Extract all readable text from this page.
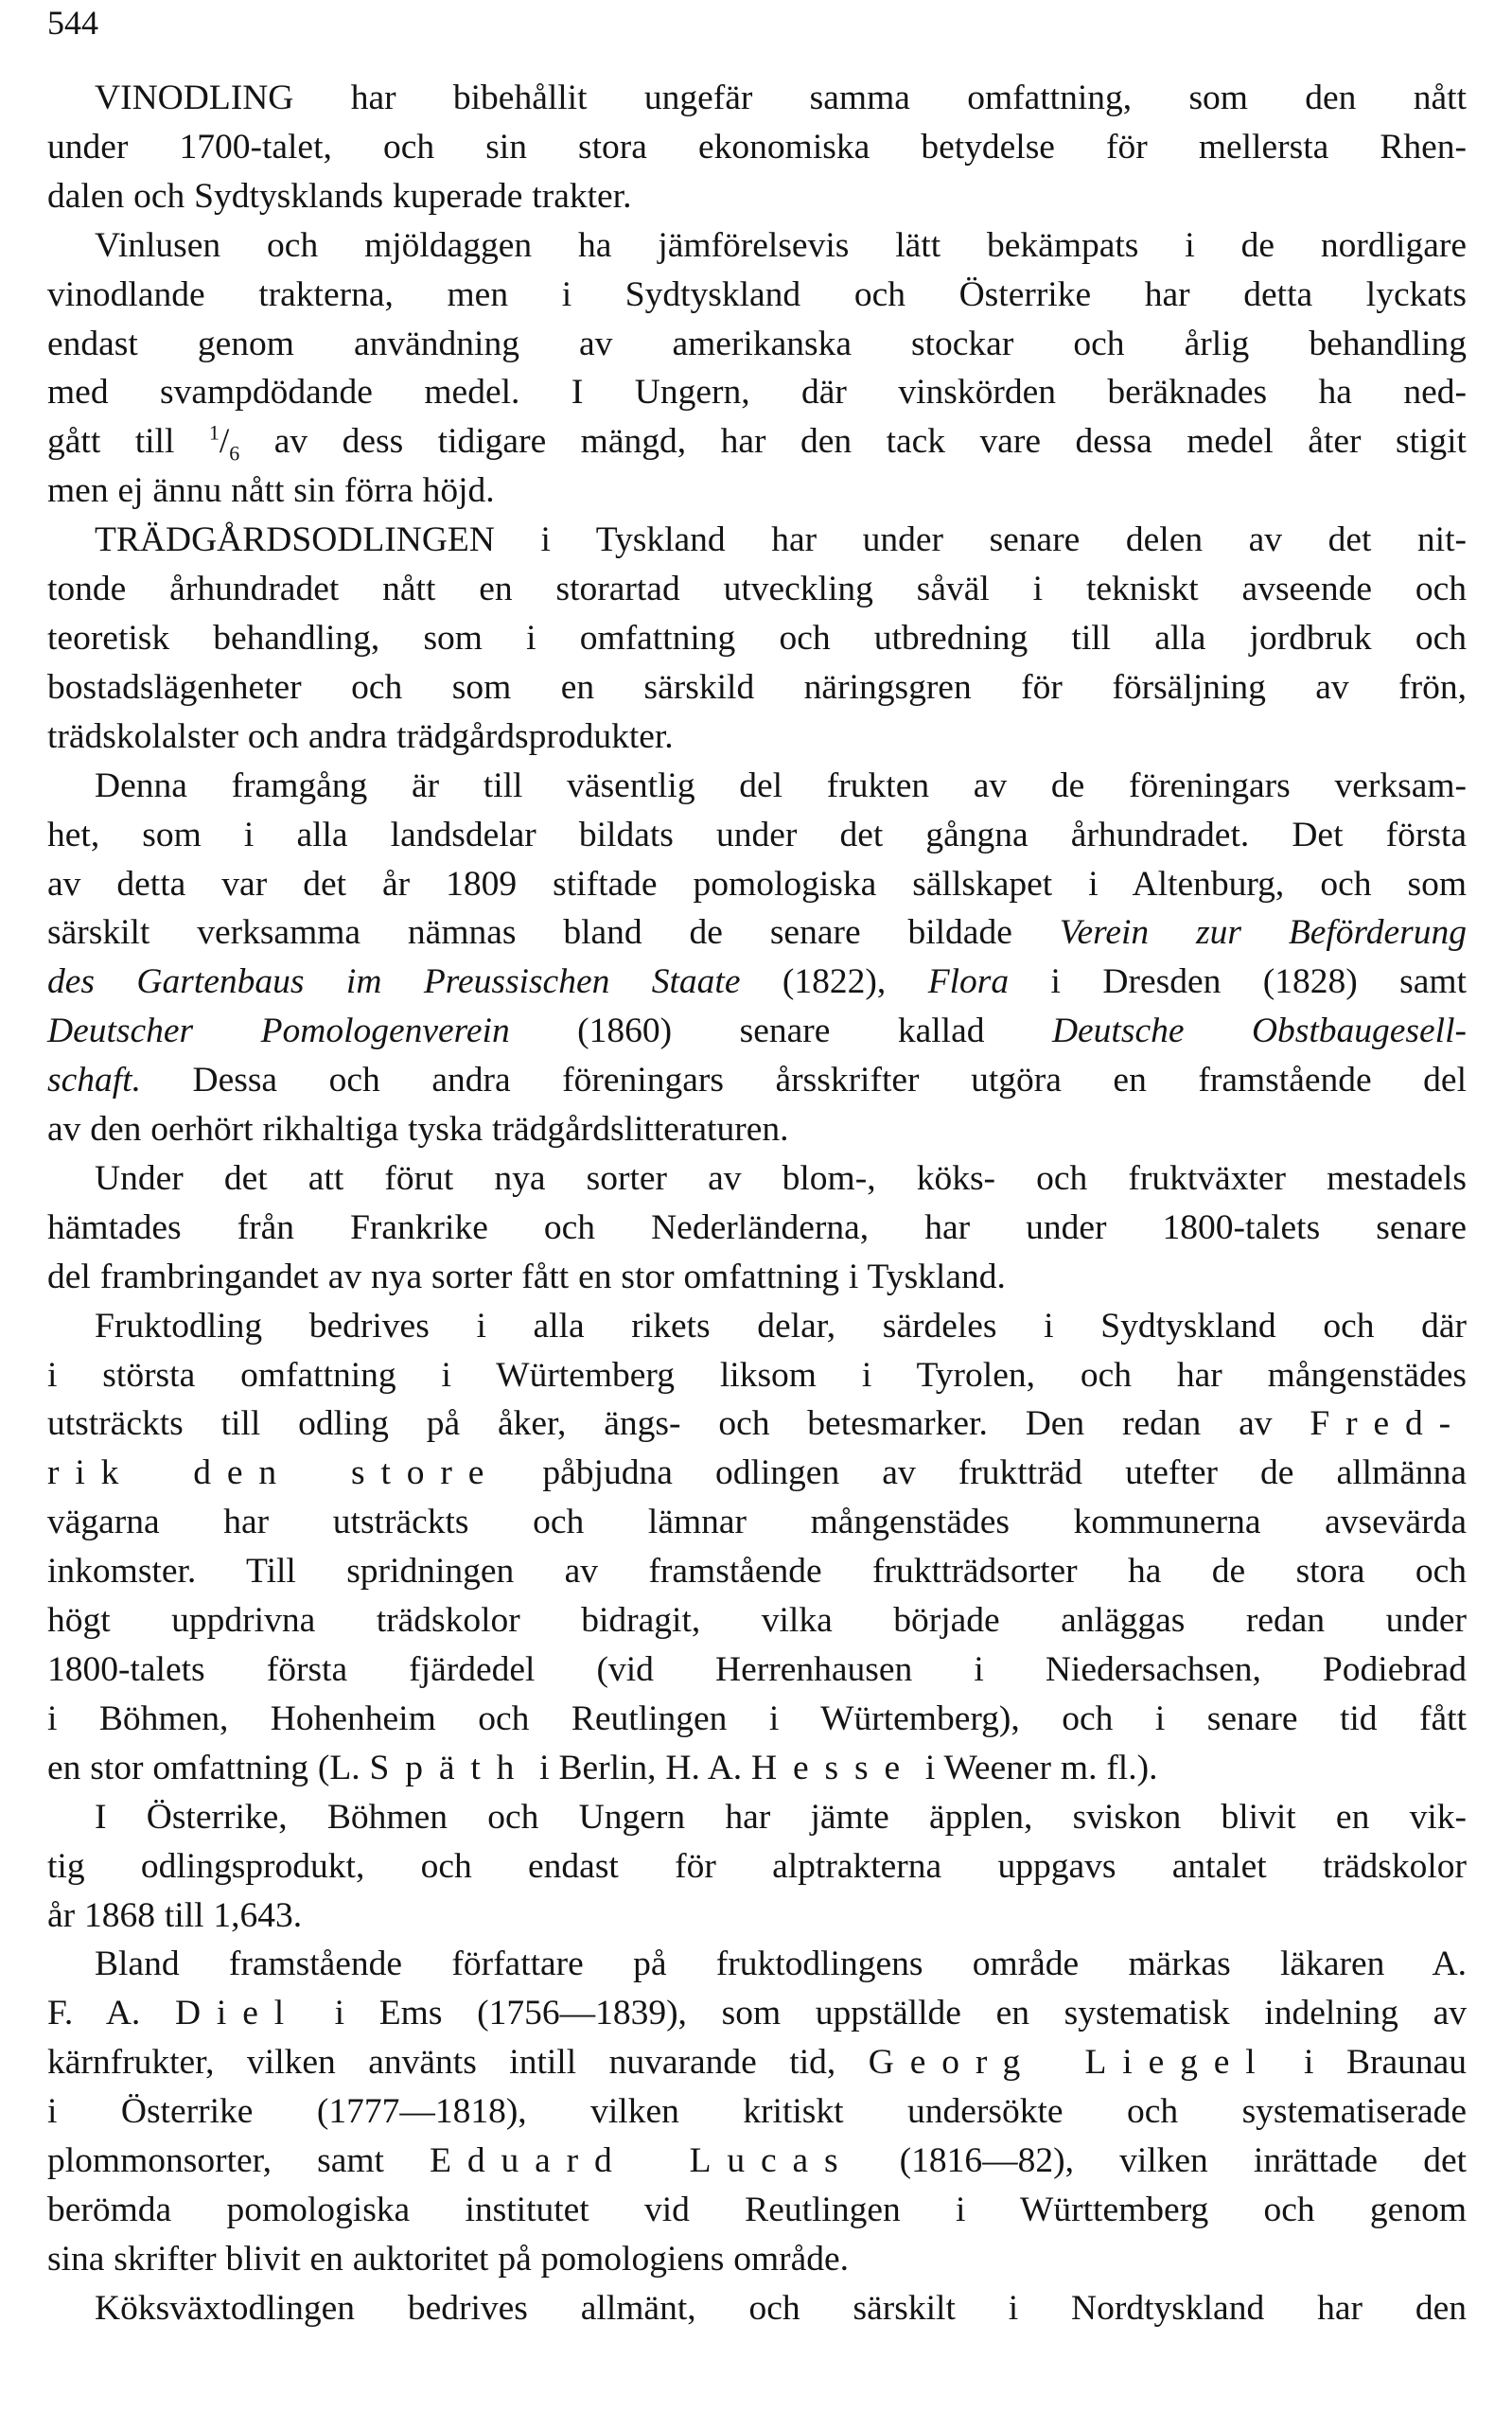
544
VINODLING har bibehållit ungefär samma omfattning, som den nått
under 1700-talet, och sin stora ekonomiska betydelse för mellersta Rhen-
dalen och Sydtysklands kuperade trakter.
Vinlusen och mjöldaggen ha jämförelsevis lätt bekämpats i de nordligare
vinodlande trakterna, men i Sydtyskland och Österrike har detta lyckats
endast genom användning av amerikanska stockar och årlig behandling
med svampdödande medel. I Ungern, där vinskörden beräknades ha ned-
gått till $^1/_6$ av dess tidigare mängd, har den tack vare dessa medel åter stigit
men ej ännu nått sin förra höjd.
TRÄDGÅRDSODLINGEN i Tyskland har under senare delen av det nit-
tonde århundradet nått en storartad utveckling såväl i tekniskt avseende och
teoretisk behandling, som i omfattning och utbredning till alla jordbruk och
bostadslägenheter och som en särskild näringsgren för försäljning av frön,
trädskolalster och andra trädgårdsprodukter.
Denna framgång är till väsentlig del frukten av de föreningars verksam-
het, som i alla landsdelar bildats under det gångna århundradet. Det första
av detta var det år 1809 stiftade pomologiska sällskapet i Altenburg, och som
särskilt verksamma nämnas bland de senare bildade Verein zur Beförderung
des Gartenbaus im Preussischen Staate (1822), Flora i Dresden (1828) samt
Deutscher Pomologenverein (1860) senare kallad Deutsche Obstbaugesell-
schaft. Dessa och andra föreningars årsskrifter utgöra en framstående del
av den oerhört rikhaltiga tyska trädgårdslitteraturen.
Under det att förut nya sorter av blom-, köks- och fruktväxter mestadels
hämtades från Frankrike och Nederländerna, har under 1800-talets senare
del frambringandet av nya sorter fått en stor omfattning i Tyskland.
Fruktodling bedrives i alla rikets delar, särdeles i Sydtyskland och där
i största omfattning i Würtemberg liksom i Tyrolen, och har mångenstädes
utsträckts till odling på åker, ängs- och betesmarker. Den redan av Fred-
rik den store påbjudna odlingen av fruktträd utefter de allmänna
vägarna har utsträckts och lämnar mångenstädes kommunerna avsevärda
inkomster. Till spridningen av framstående fruktträdsorter ha de stora och
högt uppdrivna trädskolor bidragit, vilka började anläggas redan under
1800-talets första fjärdedel (vid Herrenhausen i Niedersachsen, Podiebrad
i Böhmen, Hohenheim och Reutlingen i Würtemberg), och i senare tid fått
en stor omfattning (L. Späth i Berlin, H. A. Hesse i Weener m. fl.).
I Österrike, Böhmen och Ungern har jämte äpplen, sviskon blivit en vik-
tig odlingsprodukt, och endast för alptrakterna uppgavs antalet trädskolor
år 1868 till 1,643.
Bland framstående författare på fruktodlingens område märkas läkaren A.
F. A. Diel i Ems (1756—1839), som uppställde en systematisk indelning av
kärnfrukter, vilken använts intill nuvarande tid, Georg Liegel i Braunau
i Österrike (1777—1818), vilken kritiskt undersökte och systematiserade
plommonsorter, samt Eduard Lucas (1816—82), vilken inrättade det
berömda pomologiska institutet vid Reutlingen i Württemberg och genom
sina skrifter blivit en auktoritet på pomologiens område.
Köksväxtodlingen bedrives allmänt, och särskilt i Nordtyskland har den
